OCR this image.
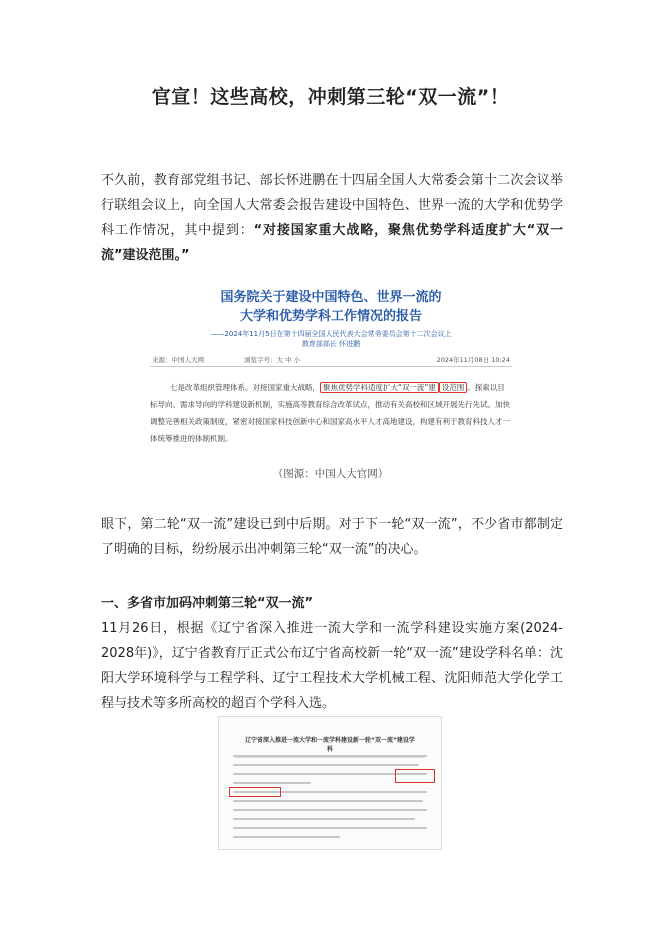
官宣！这些高校，冲刺第三轮“双一流”！
不久前，教育部党组书记、部长怀进鹏在十四届全国人大常委会第十二次会议举行联组会议上，向全国人大常委会报告建设中国特色、世界一流的大学和优势学科工作情况，其中提到：“对接国家重大战略，聚焦优势学科适度扩大“双一流”建设范围。”
国务院关于建设中国特色、世界一流的
大学和优势学科工作情况的报告
——2024年11月5日在第十四届全国人民代表大会常务委员会第十二次会议上
教育部部长 怀进鹏
来源：中国人大网	浏览字号：大 中 小	2024年11月08日 10:24
七是改革组织管理体系。对接国家重大战略， 聚焦优势学科适度扩大“双一流”建 设范围 。探索以目标导向、需求导向的学科建设新机制，实施高等教育综合改革试点，推动有关高校和区域开展先行先试。加快调整完善相关政策制度，紧密对接国家科技创新中心和国家高水平人才高地建设，构建有利于教育科技人才一体统筹推进的体制机制。
（图源：中国人大官网）
眼下，第二轮“双一流”建设已到中后期。对于下一轮“双一流”，不少省市都制定了明确的目标，纷纷展示出冲刺第三轮“双一流”的决心。
一、多省市加码冲刺第三轮“双一流”
11月26日，根据《辽宁省深入推进一流大学和一流学科建设实施方案(2024-2028年)》，辽宁省教育厅正式公布辽宁省高校新一轮“双一流”建设学科名单：沈阳大学环境科学与工程学科、辽宁工程技术大学机械工程、沈阳师范大学化学工程与技术等多所高校的超百个学科入选。
辽宁省深入推进一流大学和一流学科建设新一轮“双一流”建设学科
